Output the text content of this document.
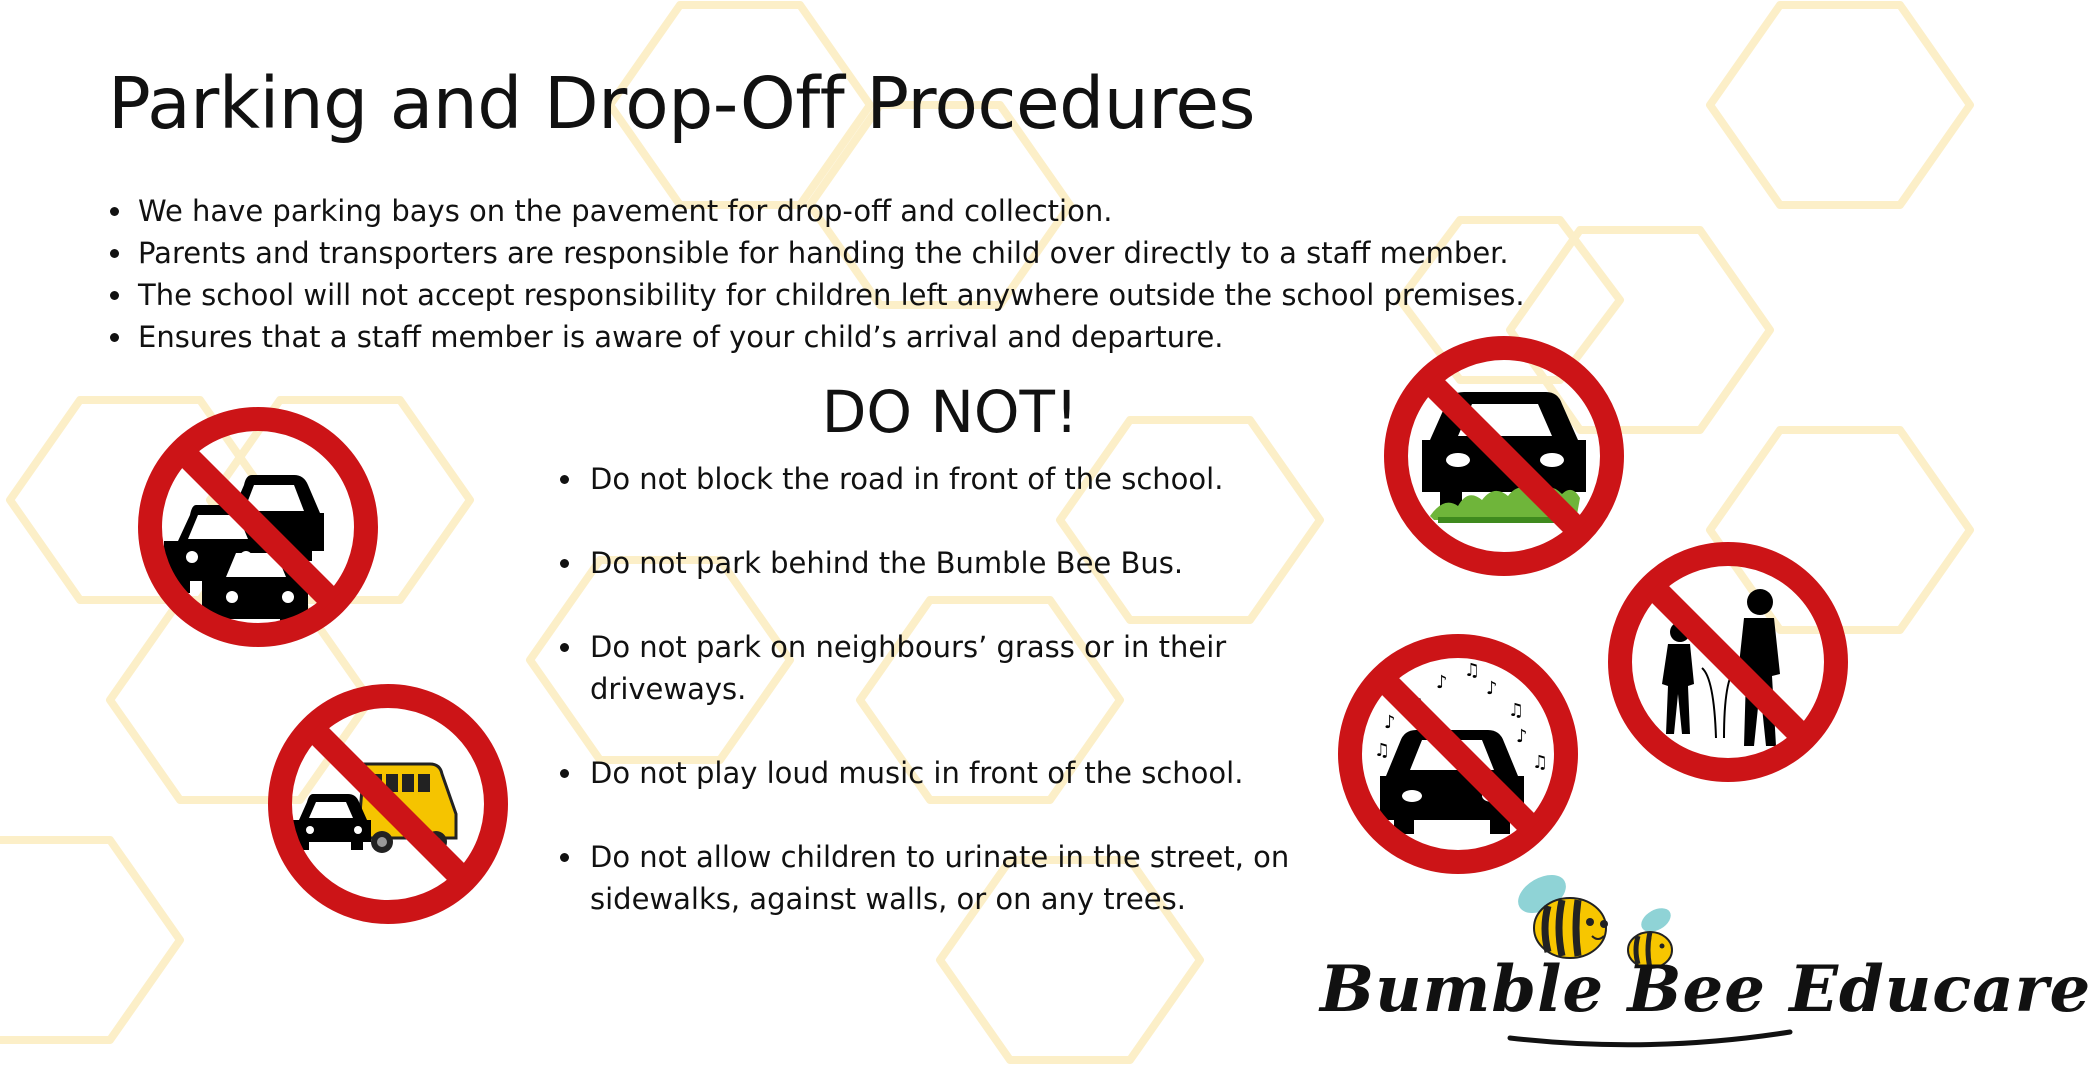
Parking and Drop-Off Procedures
We have parking bays on the pavement for drop-off and collection.
Parents and transporters are responsible for handing the child over directly to a staff member.
The school will not accept responsibility for children left anywhere outside the school premises.
Ensures that a staff member is aware of your child’s arrival and departure.
DO NOT!
Do not block the road in front of the school.
Do not park behind the Bumble Bee Bus.
Do not park on neighbours’ grass or in their driveways.
Do not play loud music in front of the school.
Do not allow children to urinate in the street, on sidewalks, against walls, or on any trees.
♪
♫
♪
♫
♪
♫
♪
♫
Bumble Bee Educare
